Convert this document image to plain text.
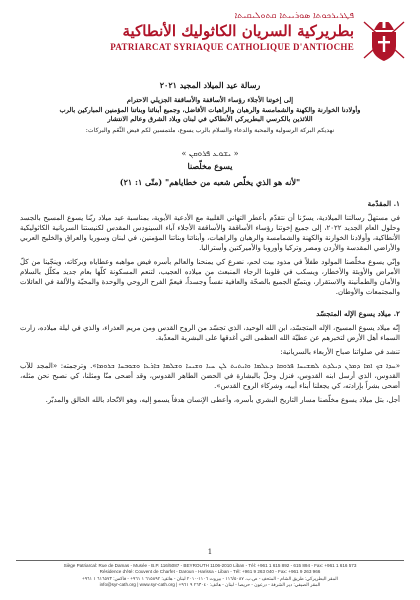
ܦܛܪܝܪܟܘܬܐ ܣܘܪܝܝܬܐ ܩܬܘܠܝܩܝܬܐ
بطريركية السريان الكاثوليك الأنطاكية
PATRIARCAT SYRIAQUE CATHOLIQUE D'ANTIOCHE
رسالة عيد الميلاد المجيد ٢٠٢١
إلى إخوتنا الأجلاء رؤساء الأساقفة والأساقفة الجزيلي الاحترام
وأولادنا الخوارنة والكهنة والشمامسة والرهبان والراهبات الأفاضل، وجميع أبنائنا وبناتنا المؤمنين المباركين بالرب
اللائذين بالكرسي البطريركي الأنطاكي في لبنان وبلاد الشرق وعالم الانتشار
نهديكم البركة الرسولية والمحبة والدعاء والسلام بالرب يسوع، ملتمسين لكم فيض النِّعَم والبركات:
« ܝܫܘܥ ܦܪܘܩܢ »
يسوع مخلّصنا
"لأنه هو الذي يخلّص شعبه من خطاياهم" (متّى ١: ٢١)
١. المقدّمة
في مستهلّ رسالتنا الميلادية، يسرّنا أن نتقدّم بأعطر التهاني القلبية مع الأدعية الأبوية، بمناسبة عيد ميلاد ربّنا يسوع المسيح بالجسد وحلول العام الجديد ٢٠٢٢، إلى جميع إخوتنا رؤساء الأساقفة والأساقفة الأجلاء آباء السينودس المقدس لكنيستنا السريانية الكاثوليكية الأنطاكية، وأولادنا الخوارنة والكهنة والشمامسة والرهبان والراهبات، وأبنائنا وبناتنا المؤمنين، في لبنان وسوريا والعراق والخليج العربي والأراضي المقدسة والأردن ومصر وتركيا وأوروبا والأميركتين وأستراليا.
وإنّي يسوع مخلّصنا المولود طفلاً في مذود بيت لحم، نضرع كي يمنحنا والعالم بأسره فيض مواهبه وعطاياه وبركاته، وينجّينا من كلّ الأمراض والأوبئة والأخطار، ويسكب في قلوبنا الرجاء المنبعث من ميلاده العجيب، لتنعم المسكونة كلّها بعام جديد مكلّل بالسلام والأمان والطمأنينة والاستقرار، ويتمتّع الجميع بالصحّة والعافية نفساً وجسداً، فيعمّ الفرح الروحي والوحدة والمحبّة والألفة في العائلات والمجتمعات والأوطان.
٢. ميلاد يسوع الإله المتجسّد
إنّه ميلاد يسوع المسيح، الإله المتجسّد، ابن الله الوحيد، الذي تجسّد من الروح القدس ومن مريم العذراء، والذي في ليلة ميلاده، زارت السماء أهل الأرض لتخبرهم عن عطيّة الله العظمى التي أغدقها على البشرية المعذّبة.
تنشد في صلواتنا صباح الأربعاء بالسريانية:
«ܚܕܐ ܒܟ ܐܡܐ ܕܡܪܢ ܕܝܠܕܬ ܠܡܫܝܚܐ ܦܪܘܩܐ ܕܥܠܡܐ ܘܐܝܬܝܬ ܠܢ ܚܝܐ ܘܫܝܢܐ ܘܫܠܡܐ ܒܐܪܥܐ ܘܫܘܒܚܐ ܒܪܘܡܐ». وترجمته: «المجد للآب القدوس، الذي أرسل ابنه القدوس، فنزل وحلّ بالبشارة في الحضن الطاهر القدوس، وقد أضحى منّا ومثلنا، كي نصبح نحن مثله، أضحى بشراً بإرادته، كي يجعلنا أبناء أبيه، وشركاء الروح القدس».
أجل، بتل ميلاد يسوع مخلّصنا مسار التاريخ البشري بأسره، وأعطى الإنسان هدفاً يسمو إليه، وهو الاتّحاد بالله الخالق والمدبّر.
1
Siège Patriarcal: Rue de Damas - Musée - B.P. 116/5087 - BEYROUTH 1106-2010 Liban - Tél: +961 1 615 892 - 615 894 - Fax: +961 1 616 573
Résidence d'été: Couvent de Charfet - Daroun - Harissa - Liban - Tél: +961 9 263 040 - Fax: +961 9 263 966
المقر البطريركي: طريق الشام - المتحف - ص.ب. ١١٦/٥٠٨٧ - بيروت ١١٠٦-٢٠١٠ لبنان - هاتف: ٦١٥٨٩٢ ١ ٩٦١+ - فاكس: ٦١٦٥٧٣ ١ ٩٦١+
المقر الصيفي: دير الشرفة - درعون - حريصا - لبنان - هاتف: ٢٦٣٠٤٠ ٩ ٩٦١+ | info@syr-cath.org | www.syr-cath.org
